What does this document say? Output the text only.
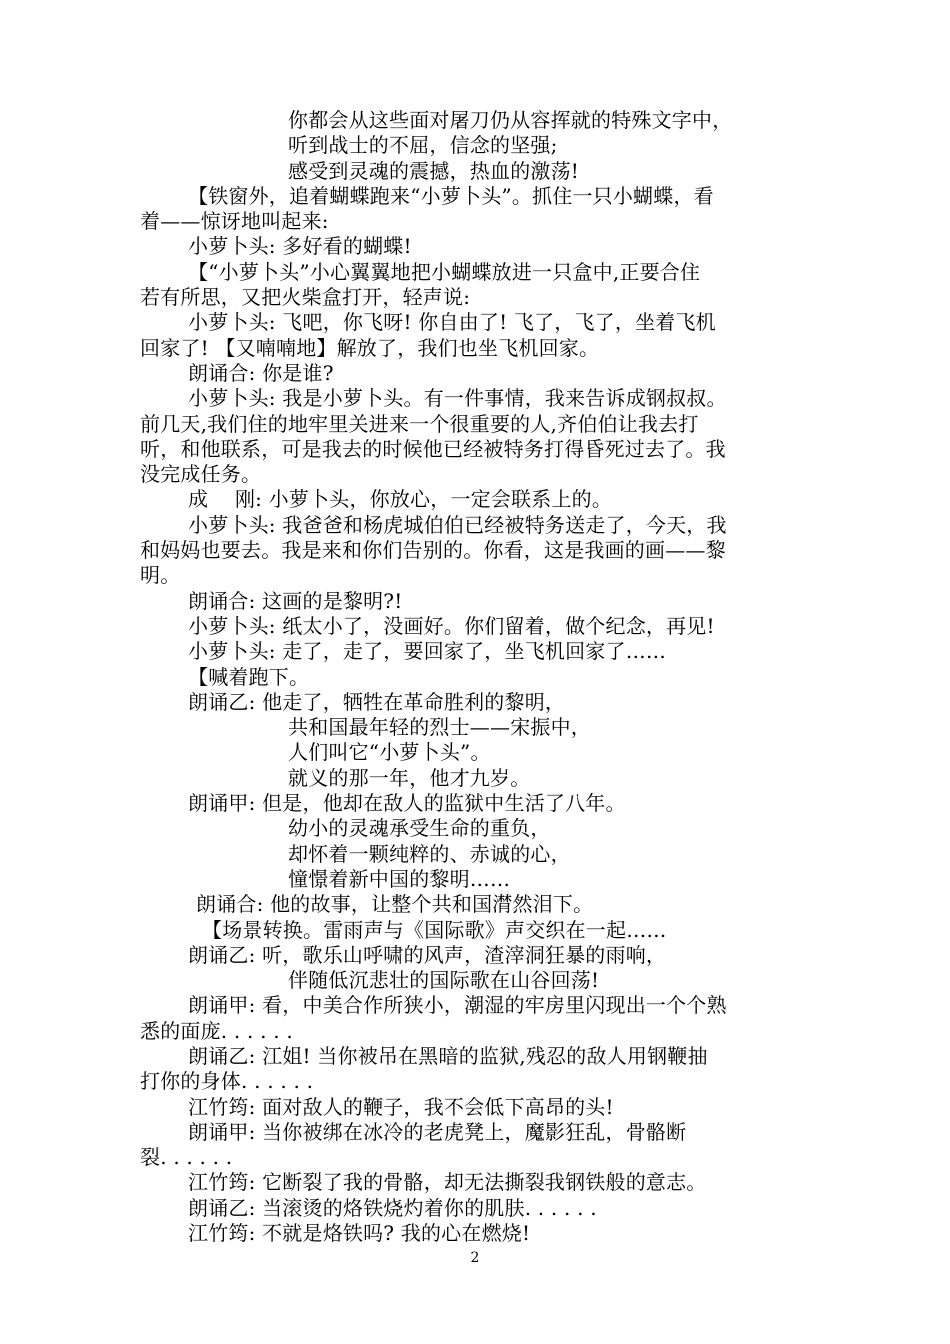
你都会从这些面对屠刀仍从容挥就的特殊文字中，
听到战士的不屈，信念的坚强;
感受到灵魂的震撼，热血的激荡!
【铁窗外，追着蝴蝶跑来“小萝卜头”。抓住一只小蝴蝶，看
着——惊讶地叫起来:
小萝卜头: 多好看的蝴蝶!
【“小萝卜头”小心翼翼地把小蝴蝶放进一只盒中,正要合住
若有所思，又把火柴盒打开，轻声说:
小萝卜头: 飞吧，你飞呀! 你自由了! 飞了，飞了，坐着飞机
回家了! 【又喃喃地】解放了，我们也坐飞机回家。
朗诵合: 你是谁?
小萝卜头: 我是小萝卜头。有一件事情，我来告诉成钢叔叔。
前几天,我们住的地牢里关进来一个很重要的人,齐伯伯让我去打
听，和他联系，可是我去的时候他已经被特务打得昏死过去了。我
没完成任务。
成　 刚: 小萝卜头，你放心，一定会联系上的。
小萝卜头: 我爸爸和杨虎城伯伯已经被特务送走了，今天，我
和妈妈也要去。我是来和你们告别的。你看，这是我画的画——黎
明。
朗诵合: 这画的是黎明?!
小萝卜头: 纸太小了，没画好。你们留着，做个纪念，再见!
小萝卜头: 走了，走了，要回家了，坐飞机回家了……
【喊着跑下。
朗诵乙: 他走了，牺牲在革命胜利的黎明，
共和国最年轻的烈士——宋振中，
人们叫它“小萝卜头”。
就义的那一年，他才九岁。
朗诵甲: 但是，他却在敌人的监狱中生活了八年。
幼小的灵魂承受生命的重负，
却怀着一颗纯粹的、赤诚的心，
憧憬着新中国的黎明……
朗诵合: 他的故事，让整个共和国潸然泪下。
【场景转换。雷雨声与《国际歌》声交织在一起……
朗诵乙: 听，歌乐山呼啸的风声，渣滓洞狂暴的雨响，
伴随低沉悲壮的国际歌在山谷回荡!
朗诵甲: 看，中美合作所狭小，潮湿的牢房里闪现出一个个熟
悉的面庞. . . . . .
朗诵乙: 江姐! 当你被吊在黑暗的监狱,残忍的敌人用钢鞭抽
打你的身体. . . . . .
江竹筠: 面对敌人的鞭子，我不会低下高昂的头!
朗诵甲: 当你被绑在冰冷的老虎凳上，魔影狂乱，骨骼断
裂. . . . . .
江竹筠: 它断裂了我的骨骼，却无法撕裂我钢铁般的意志。
朗诵乙: 当滚烫的烙铁烧灼着你的肌肤. . . . . .
江竹筠: 不就是烙铁吗? 我的心在燃烧!
2
